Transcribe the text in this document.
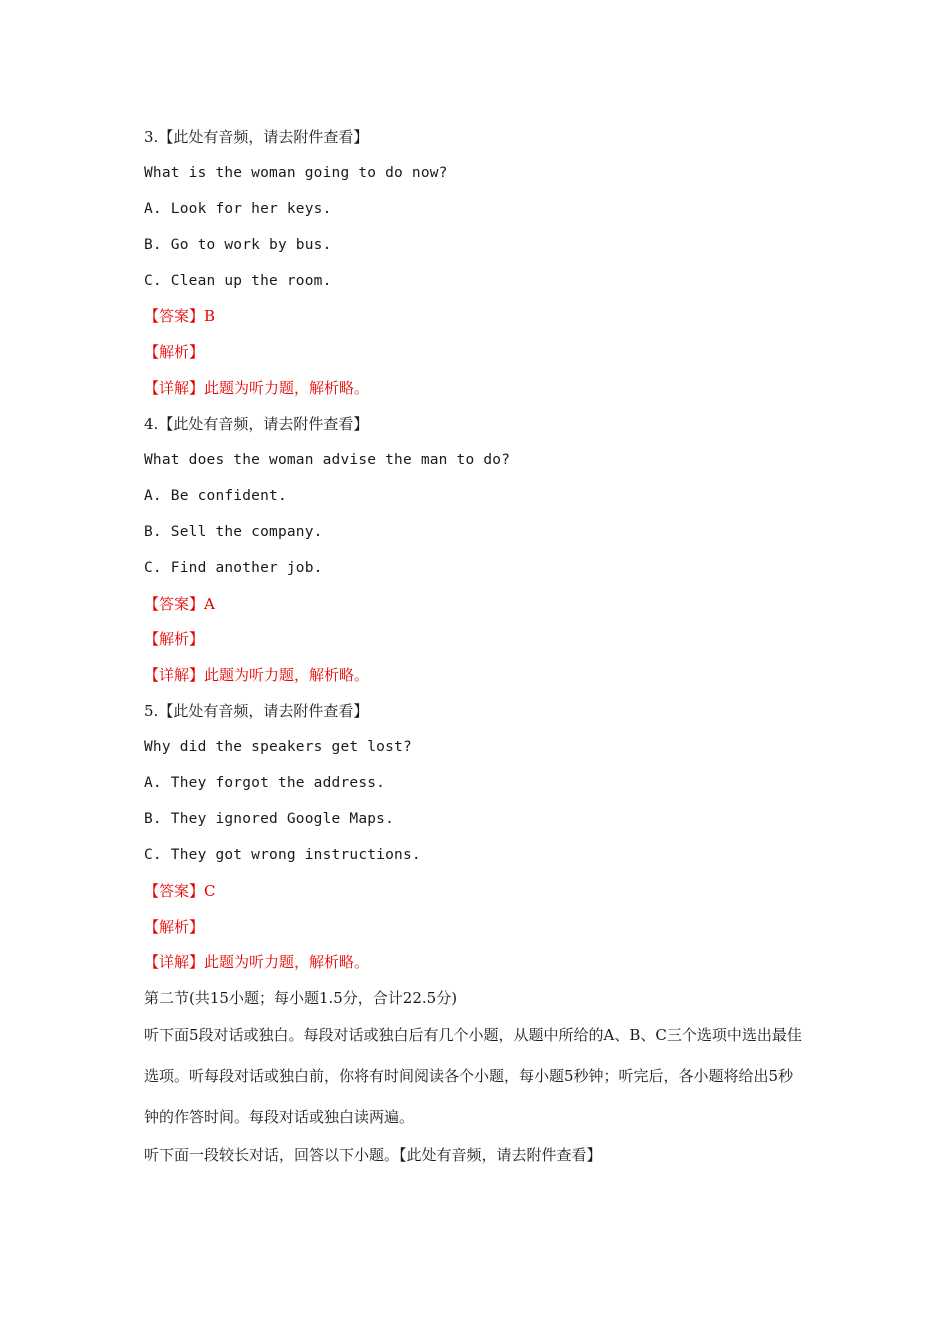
3.【此处有音频，请去附件查看】
What is the woman going to do now?
A. Look for her keys.
B. Go to work by bus.
C. Clean up the room.
【答案】B
【解析】
【详解】此题为听力题，解析略。
4.【此处有音频，请去附件查看】
What does the woman advise the man to do?
A. Be confident.
B. Sell the company.
C. Find another job.
【答案】A
【解析】
【详解】此题为听力题，解析略。
5.【此处有音频，请去附件查看】
Why did the speakers get lost?
A. They forgot the address.
B. They ignored Google Maps.
C. They got wrong instructions.
【答案】C
【解析】
【详解】此题为听力题，解析略。
第二节(共15小题；每小题1.5分，合计22.5分)
听下面5段对话或独白。每段对话或独白后有几个小题，从题中所给的A、B、C三个选项中选出最佳选项。听每段对话或独白前，你将有时间阅读各个小题，每小题5秒钟；听完后，各小题将给出5秒钟的作答时间。每段对话或独白读两遍。
听下面一段较长对话，回答以下小题。【此处有音频，请去附件查看】
